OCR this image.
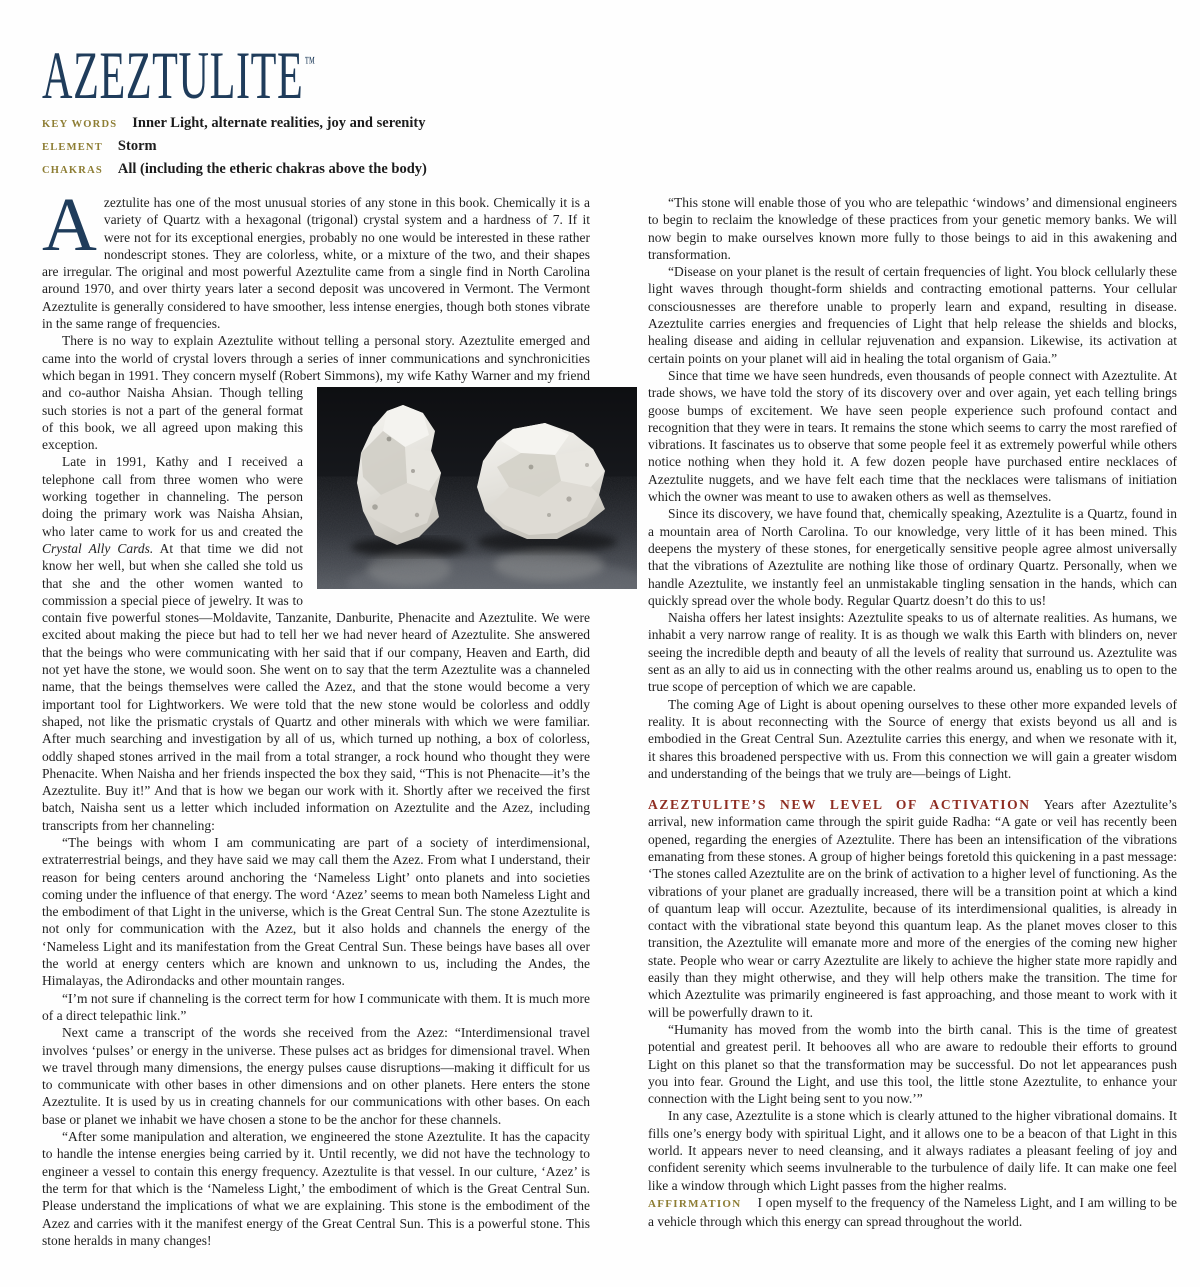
AZEZTULITE™
KEY WORDS Inner Light, alternate realities, joy and serenity
ELEMENT Storm
CHAKRAS All (including the etheric chakras above the body)

Azeztulite has one of the most unusual stories of any stone in this book. Chemically it is a variety of Quartz with a hexagonal (trigonal) crystal system and a hardness of 7. If it were not for its exceptional energies, probably no one would be interested in these rather nondescript stones. They are colorless, white, or a mixture of the two, and their shapes are irregular. The original and most powerful Azeztulite came from a single find in North Carolina around 1970, and over thirty years later a second deposit was uncovered in Vermont. The Vermont Azeztulite is generally considered to have smoother, less intense energies, though both stones vibrate in the same range of frequencies.

There is no way to explain Azeztulite without telling a personal story. Azeztulite emerged and came into the world of crystal lovers through a series of inner communications and synchronicities which began in 1991. They concern myself (Robert Simmons), my wife Kathy
Warner and my friend and co-author Naisha Ahsian. Though telling such stories is not a part of the general format of this book, we all agreed upon making this exception.

Late in 1991, Kathy and I received a telephone call from three women who were working together in channeling. The person doing the primary work was Naisha Ahsian, who later came to work for us and created the Crystal Ally Cards. At that time we did not know her well, but when she called she told us that she and the other women wanted to commission a special piece of jewelry. It was to contain five powerful stones—Moldavite, Tanzanite, Danburite, Phenacite and Azeztulite. We were excited about making the piece but had to tell her we had never heard of Azeztulite. She answered that the beings who were communicating with her said that if our company, Heaven and Earth, did not yet have the stone, we would soon. She went on to say that the term Azeztulite was a channeled name, that the beings themselves were called the Azez, and that the stone would become a very important tool for Lightworkers. We were told that the new stone would be colorless and oddly shaped, not like the prismatic crystals of Quartz and other minerals with which we were familiar. After much searching and investigation by all of us, which turned up nothing, a box of colorless, oddly shaped stones arrived in the mail from a total stranger, a rock hound who thought they were Phenacite. When Naisha and her friends inspected the box they said, “This is not Phenacite—it’s the Azeztulite. Buy it!” And that is how we began our work with it. Shortly after we received the first batch, Naisha sent us a letter which included information on Azeztulite and the Azez, including transcripts from her channeling:

“The beings with whom I am communicating are part of a society of interdimensional, extraterrestrial beings, and they have said we may call them the Azez. From what I understand, their reason for being centers around anchoring the ‘Nameless Light’ onto planets and into societies coming under the influence of that energy. The word ‘Azez’ seems to mean both Nameless Light and the embodiment of that Light in the universe, which is the Great Central Sun. The stone Azeztulite is not only for communication with the Azez, but it also holds and channels the energy of the ‘Nameless Light and its manifestation from the Great Central Sun. These beings have bases all over the world at energy centers which are known and unknown to us, including the Andes, the Himalayas, the Adirondacks and other mountain ranges.

“I’m not sure if channeling is the correct term for how I communicate with them. It is much more of a direct telepathic link.”

Next came a transcript of the words she received from the Azez: “Interdimensional travel involves ‘pulses’ or energy in the universe. These pulses act as bridges for dimensional travel. When we travel through many dimensions, the energy pulses cause disruptions—making it difficult for us to communicate with other bases in other dimensions and on other planets. Here enters the stone Azeztulite. It is used by us in creating channels for our communications with other bases. On each base or planet we inhabit we have chosen a stone to be the anchor for these channels.

“After some manipulation and alteration, we engineered the stone Azeztulite. It has the capacity to handle the intense energies being carried by it. Until recently, we did not have the technology to engineer a vessel to contain this energy frequency. Azeztulite is that vessel. In our culture, ‘Azez’ is the term for that which is the ‘Nameless Light,’ the embodiment of which is the Great Central Sun. Please understand the implications of what we are explaining. This stone is the embodiment of the Azez and carries with it the manifest energy of the Great Central Sun. This is a powerful stone. This stone heralds in many changes!

“This stone will enable those of you who are telepathic ‘windows’ and dimensional engineers to begin to reclaim the knowledge of these practices from your genetic memory banks. We will now begin to make ourselves known more fully to those beings to aid in this awakening and transformation.

“Disease on your planet is the result of certain frequencies of light. You block cellularly these light waves through thought-form shields and contracting emotional patterns. Your cellular consciousnesses are therefore unable to properly learn and expand, resulting in disease. Azeztulite carries energies and frequencies of Light that help release the shields and blocks, healing disease and aiding in cellular rejuvenation and expansion. Likewise, its activation at certain points on your planet will aid in healing the total organism of Gaia.”

Since that time we have seen hundreds, even thousands of people connect with Azeztulite. At trade shows, we have told the story of its discovery over and over again, yet each telling brings goose bumps of excitement. We have seen people experience such profound contact and recognition that they were in tears. It remains the stone which seems to carry the most rarefied of vibrations. It fascinates us to observe that some people feel it as extremely powerful while others notice nothing when they hold it. A few dozen people have purchased entire necklaces of Azeztulite nuggets, and we have felt each time that the necklaces were talismans of initiation which the owner was meant to use to awaken others as well as themselves.

Since its discovery, we have found that, chemically speaking, Azeztulite is a Quartz, found in a mountain area of North Carolina. To our knowledge, very little of it has been mined. This deepens the mystery of these stones, for energetically sensitive people agree almost universally that the vibrations of Azeztulite are nothing like those of ordinary Quartz. Personally, when we handle Azeztulite, we instantly feel an unmistakable tingling sensation in the hands, which can quickly spread over the whole body. Regular Quartz doesn’t do this to us!

Naisha offers her latest insights: Azeztulite speaks to us of alternate realities. As humans, we inhabit a very narrow range of reality. It is as though we walk this Earth with blinders on, never seeing the incredible depth and beauty of all the levels of reality that surround us. Azeztulite was sent as an ally to aid us in connecting with the other realms around us, enabling us to open to the true scope of perception of which we are capable.

The coming Age of Light is about opening ourselves to these other more expanded levels of reality. It is about reconnecting with the Source of energy that exists beyond us all and is embodied in the Great Central Sun. Azeztulite carries this energy, and when we resonate with it, it shares this broadened perspective with us. From this connection we will gain a greater wisdom and understanding of the beings that we truly are—beings of Light.

AZEZTULITE’S NEW LEVEL OF ACTIVATION Years after Azeztulite’s arrival, new information came through the spirit guide Radha: “A gate or veil has recently been opened, regarding the energies of Azeztulite. There has been an intensification of the vibrations emanating from these stones. A group of higher beings foretold this quickening in a past message: ‘The stones called Azeztulite are on the brink of activation to a higher level of functioning. As the vibrations of your planet are gradually increased, there will be a transition point at which a kind of quantum leap will occur. Azeztulite, because of its interdimensional qualities, is already in contact with the vibrational state beyond this quantum leap. As the planet moves closer to this transition, the Azeztulite will emanate more and more of the energies of the coming new higher state. People who wear or carry Azeztulite are likely to achieve the higher state more rapidly and easily than they might otherwise, and they will help others make the transition. The time for which Azeztulite was primarily engineered is fast approaching, and those meant to work with it will be powerfully drawn to it.

“Humanity has moved from the womb into the birth canal. This is the time of greatest potential and greatest peril. It behooves all who are aware to redouble their efforts to ground Light on this planet so that the transformation may be successful. Do not let appearances push you into fear. Ground the Light, and use this tool, the little stone Azeztulite, to enhance your connection with the Light being sent to you now.’”

In any case, Azeztulite is a stone which is clearly attuned to the higher vibrational domains. It fills one’s energy body with spiritual Light, and it allows one to be a beacon of that Light in this world. It appears never to need cleansing, and it always radiates a pleasant feeling of joy and confident serenity which seems invulnerable to the turbulence of daily life. It can make one feel like a window through which Light passes from the higher realms.

AFFIRMATION I open myself to the frequency of the Nameless Light, and I am willing to be a vehicle through which this energy can spread throughout the world.
